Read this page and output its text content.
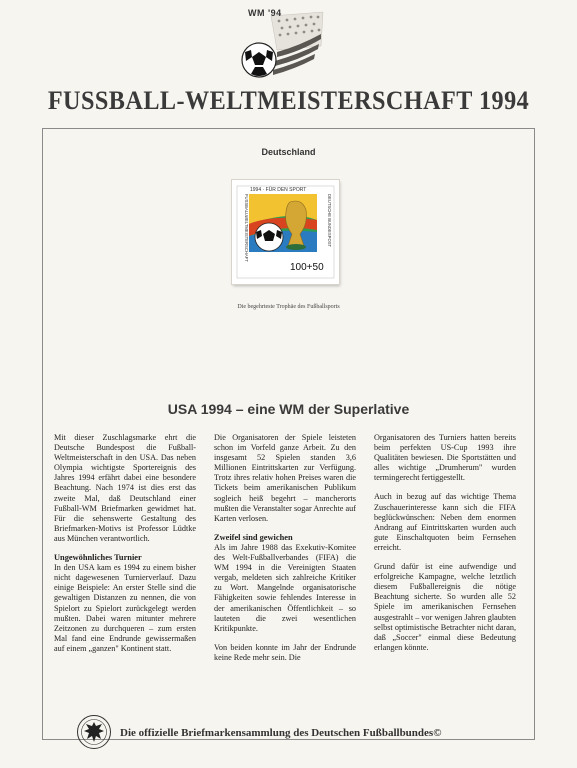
WM '94
FUSSBALL-WELTMEISTERSCHAFT 1994
Deutschland
100+50
1994 · FÜR DEN SPORT
FUSSBALLWELTMEISTERSCHAFT	DEUTSCHE BUNDESPOST
Die begehrteste Trophäe des Fußballsports
USA 1994 – eine WM der Superlative

Mit dieser Zuschlagsmarke ehrt die Deutsche Bundespost die Fußball-Weltmeisterschaft in den USA. Das neben Olympia wichtigste Sportereignis des Jahres 1994 erfährt dabei eine besondere Beachtung. Nach 1974 ist dies erst das zweite Mal, daß Deutschland einer Fußball-WM Briefmarken gewidmet hat. Für die sehenswerte Gestaltung des Briefmarken-Motivs ist Professor Lüdtke aus München verantwortlich.

Ungewöhnliches Turnier

In den USA kam es 1994 zu einem bisher nicht dagewesenen Turnierverlauf. Dazu einige Beispiele: An erster Stelle sind die gewaltigen Distanzen zu nennen, die von Spielort zu Spielort zurückgelegt werden mußten. Dabei waren mitunter mehrere Zeitzonen zu durchqueren – zum ersten Mal fand eine Endrunde gewissermaßen auf einem „ganzen" Kontinent statt.

Die Organisatoren der Spiele leisteten schon im Vorfeld ganze Arbeit. Zu den insgesamt 52 Spielen standen 3,6 Millionen Eintrittskarten zur Verfügung. Trotz ihres relativ hohen Preises waren die Tickets beim amerikanischen Publikum sogleich heiß begehrt – mancherorts mußten die Veranstalter sogar Anrechte auf Karten verlosen.

Zweifel sind gewichen

Als im Jahre 1988 das Exekutiv-Komitee des Welt-Fußballverbandes (FIFA) die WM 1994 in die Vereinigten Staaten vergab, meldeten sich zahlreiche Kritiker zu Wort. Mangelnde organisatorische Fähigkeiten sowie fehlendes Interesse in der amerikanischen Öffentlichkeit – so lauteten die zwei wesentlichen Kritikpunkte.

Von beiden konnte im Jahr der Endrunde keine Rede mehr sein. Die

Organisatoren des Turniers hatten bereits beim perfekten US-Cup 1993 ihre Qualitäten bewiesen. Die Sportstätten und alles wichtige „Drumherum" wurden termingerecht fertiggestellt.

Auch in bezug auf das wichtige Thema Zuschauerinteresse kann sich die FIFA beglückwünschen: Neben dem enormen Andrang auf Eintrittskarten wurden auch gute Einschaltquoten beim Fernsehen erreicht.

Grund dafür ist eine aufwendige und erfolgreiche Kampagne, welche letztlich diesem Fußballereignis die nötige Beachtung sicherte. So wurden alle 52 Spiele im amerikanischen Fernsehen ausgestrahlt – vor wenigen Jahren glaubten selbst optimistische Betrachter nicht daran, daß „Soccer" einmal diese Bedeutung erlangen könnte.

Die offizielle Briefmarkensammlung des Deutschen Fußballbundes©
